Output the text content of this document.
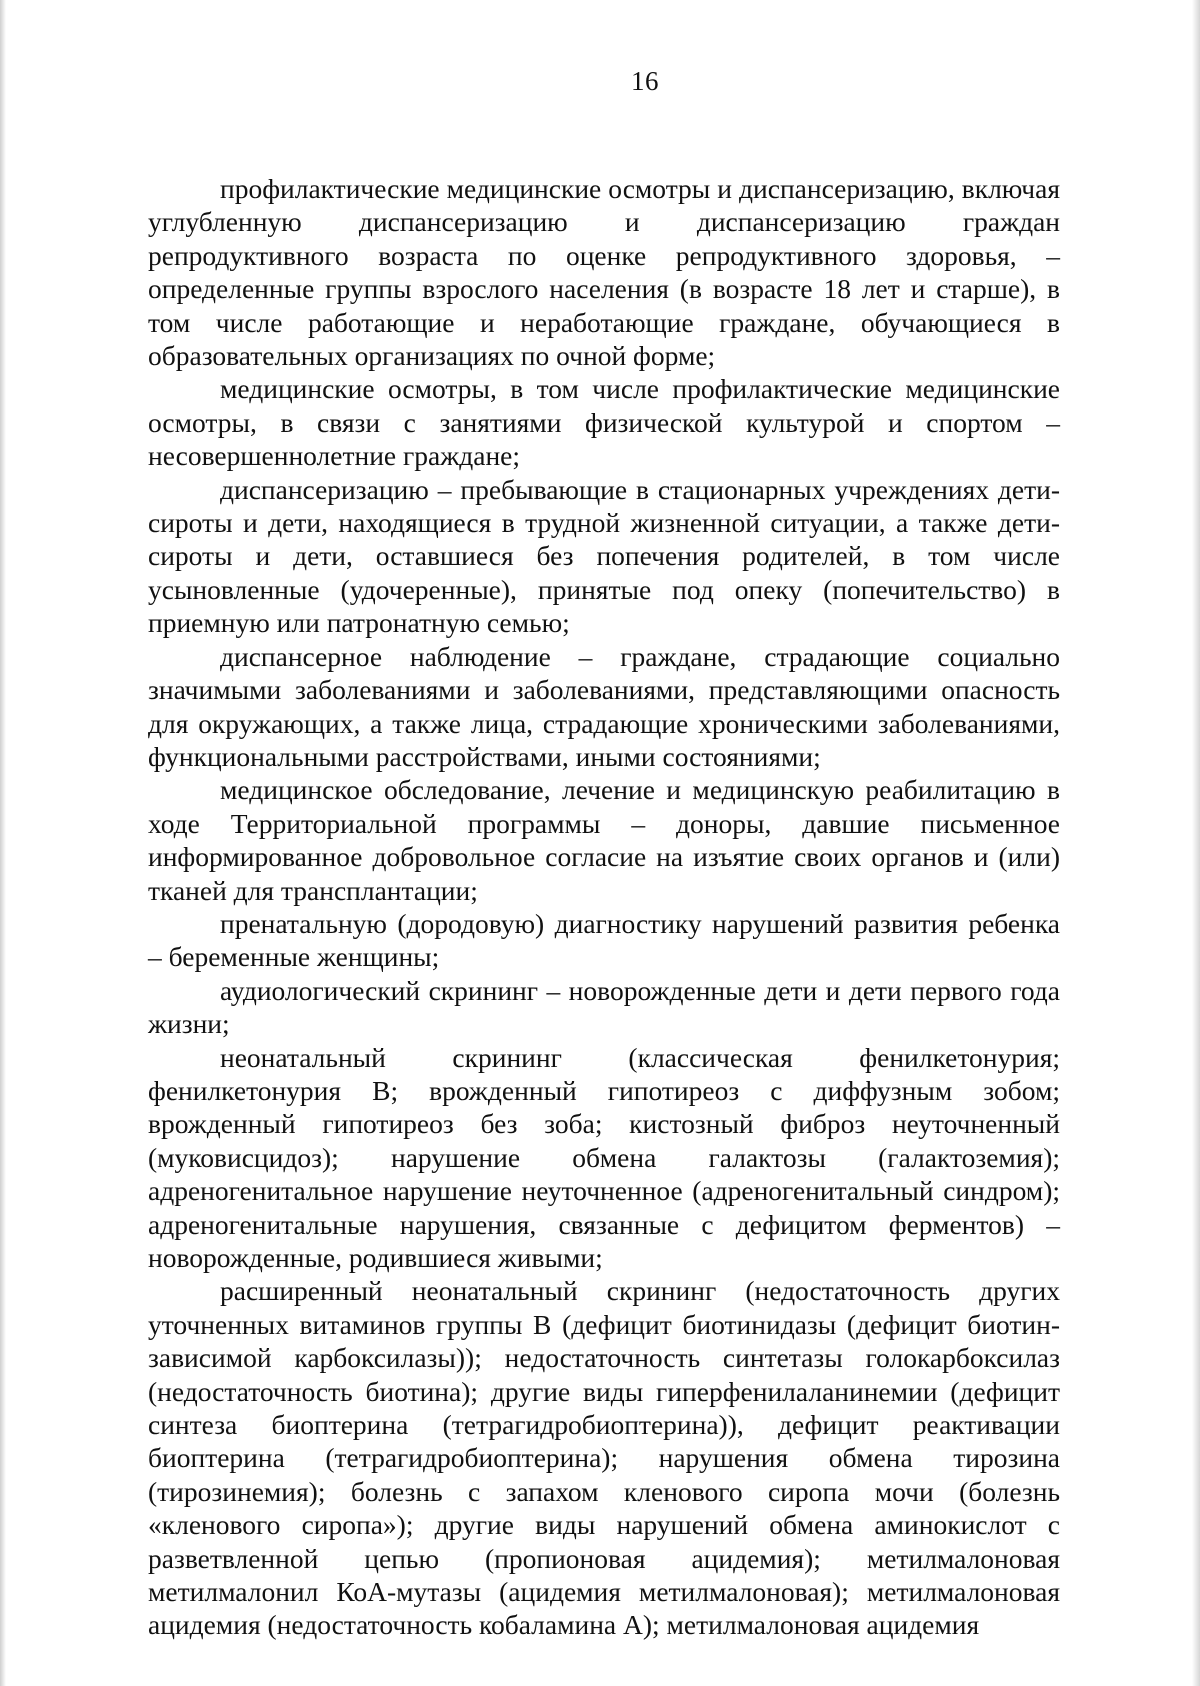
16

профилактические медицинские осмотры и диспансеризацию, включая углубленную диспансеризацию и диспансеризацию граждан репродуктивного возраста по оценке репродуктивного здоровья, – определенные группы взрослого населения (в возрасте 18 лет и старше), в том числе работающие и неработающие граждане, обучающиеся в образовательных организациях по очной форме;

медицинские осмотры, в том числе профилактические медицинские осмотры, в связи с занятиями физической культурой и спортом – несовершеннолетние граждане;

диспансеризацию – пребывающие в стационарных учреждениях дети-сироты и дети, находящиеся в трудной жизненной ситуации, а также дети-сироты и дети, оставшиеся без попечения родителей, в том числе усыновленные (удочеренные), принятые под опеку (попечительство) в приемную или патронатную семью;

диспансерное наблюдение – граждане, страдающие социально значимыми заболеваниями и заболеваниями, представляющими опасность для окружающих, а также лица, страдающие хроническими заболеваниями, функциональными расстройствами, иными состояниями;

медицинское обследование, лечение и медицинскую реабилитацию в ходе Территориальной программы – доноры, давшие письменное информированное добровольное согласие на изъятие своих органов и (или) тканей для трансплантации;

пренатальную (дородовую) диагностику нарушений развития ребенка – беременные женщины;

аудиологический скрининг – новорожденные дети и дети первого года жизни;

неонатальный скрининг (классическая фенилкетонурия; фенилкетонурия B; врожденный гипотиреоз с диффузным зобом; врожденный гипотиреоз без зоба; кистозный фиброз неуточненный (муковисцидоз); нарушение обмена галактозы (галактоземия); адреногенитальное нарушение неуточненное (адреногенитальный синдром); адреногенитальные нарушения, связанные с дефицитом ферментов) – новорожденные, родившиеся живыми;

расширенный неонатальный скрининг (недостаточность других уточненных витаминов группы B (дефицит биотинидазы (дефицит биотин-зависимой карбоксилазы)); недостаточность синтетазы голокарбоксилаз (недостаточность биотина); другие виды гиперфенилаланинемии (дефицит синтеза биоптерина (тетрагидробиоптерина)), дефицит реактивации биоптерина (тетрагидробиоптерина); нарушения обмена тирозина (тирозинемия); болезнь с запахом кленового сиропа мочи (болезнь «кленового сиропа»); другие виды нарушений обмена аминокислот с разветвленной цепью (пропионовая ацидемия); метилмалоновая метилмалонил КоА-мутазы (ацидемия метилмалоновая); метилмалоновая ацидемия (недостаточность кобаламина А); метилмалоновая ацидемия
